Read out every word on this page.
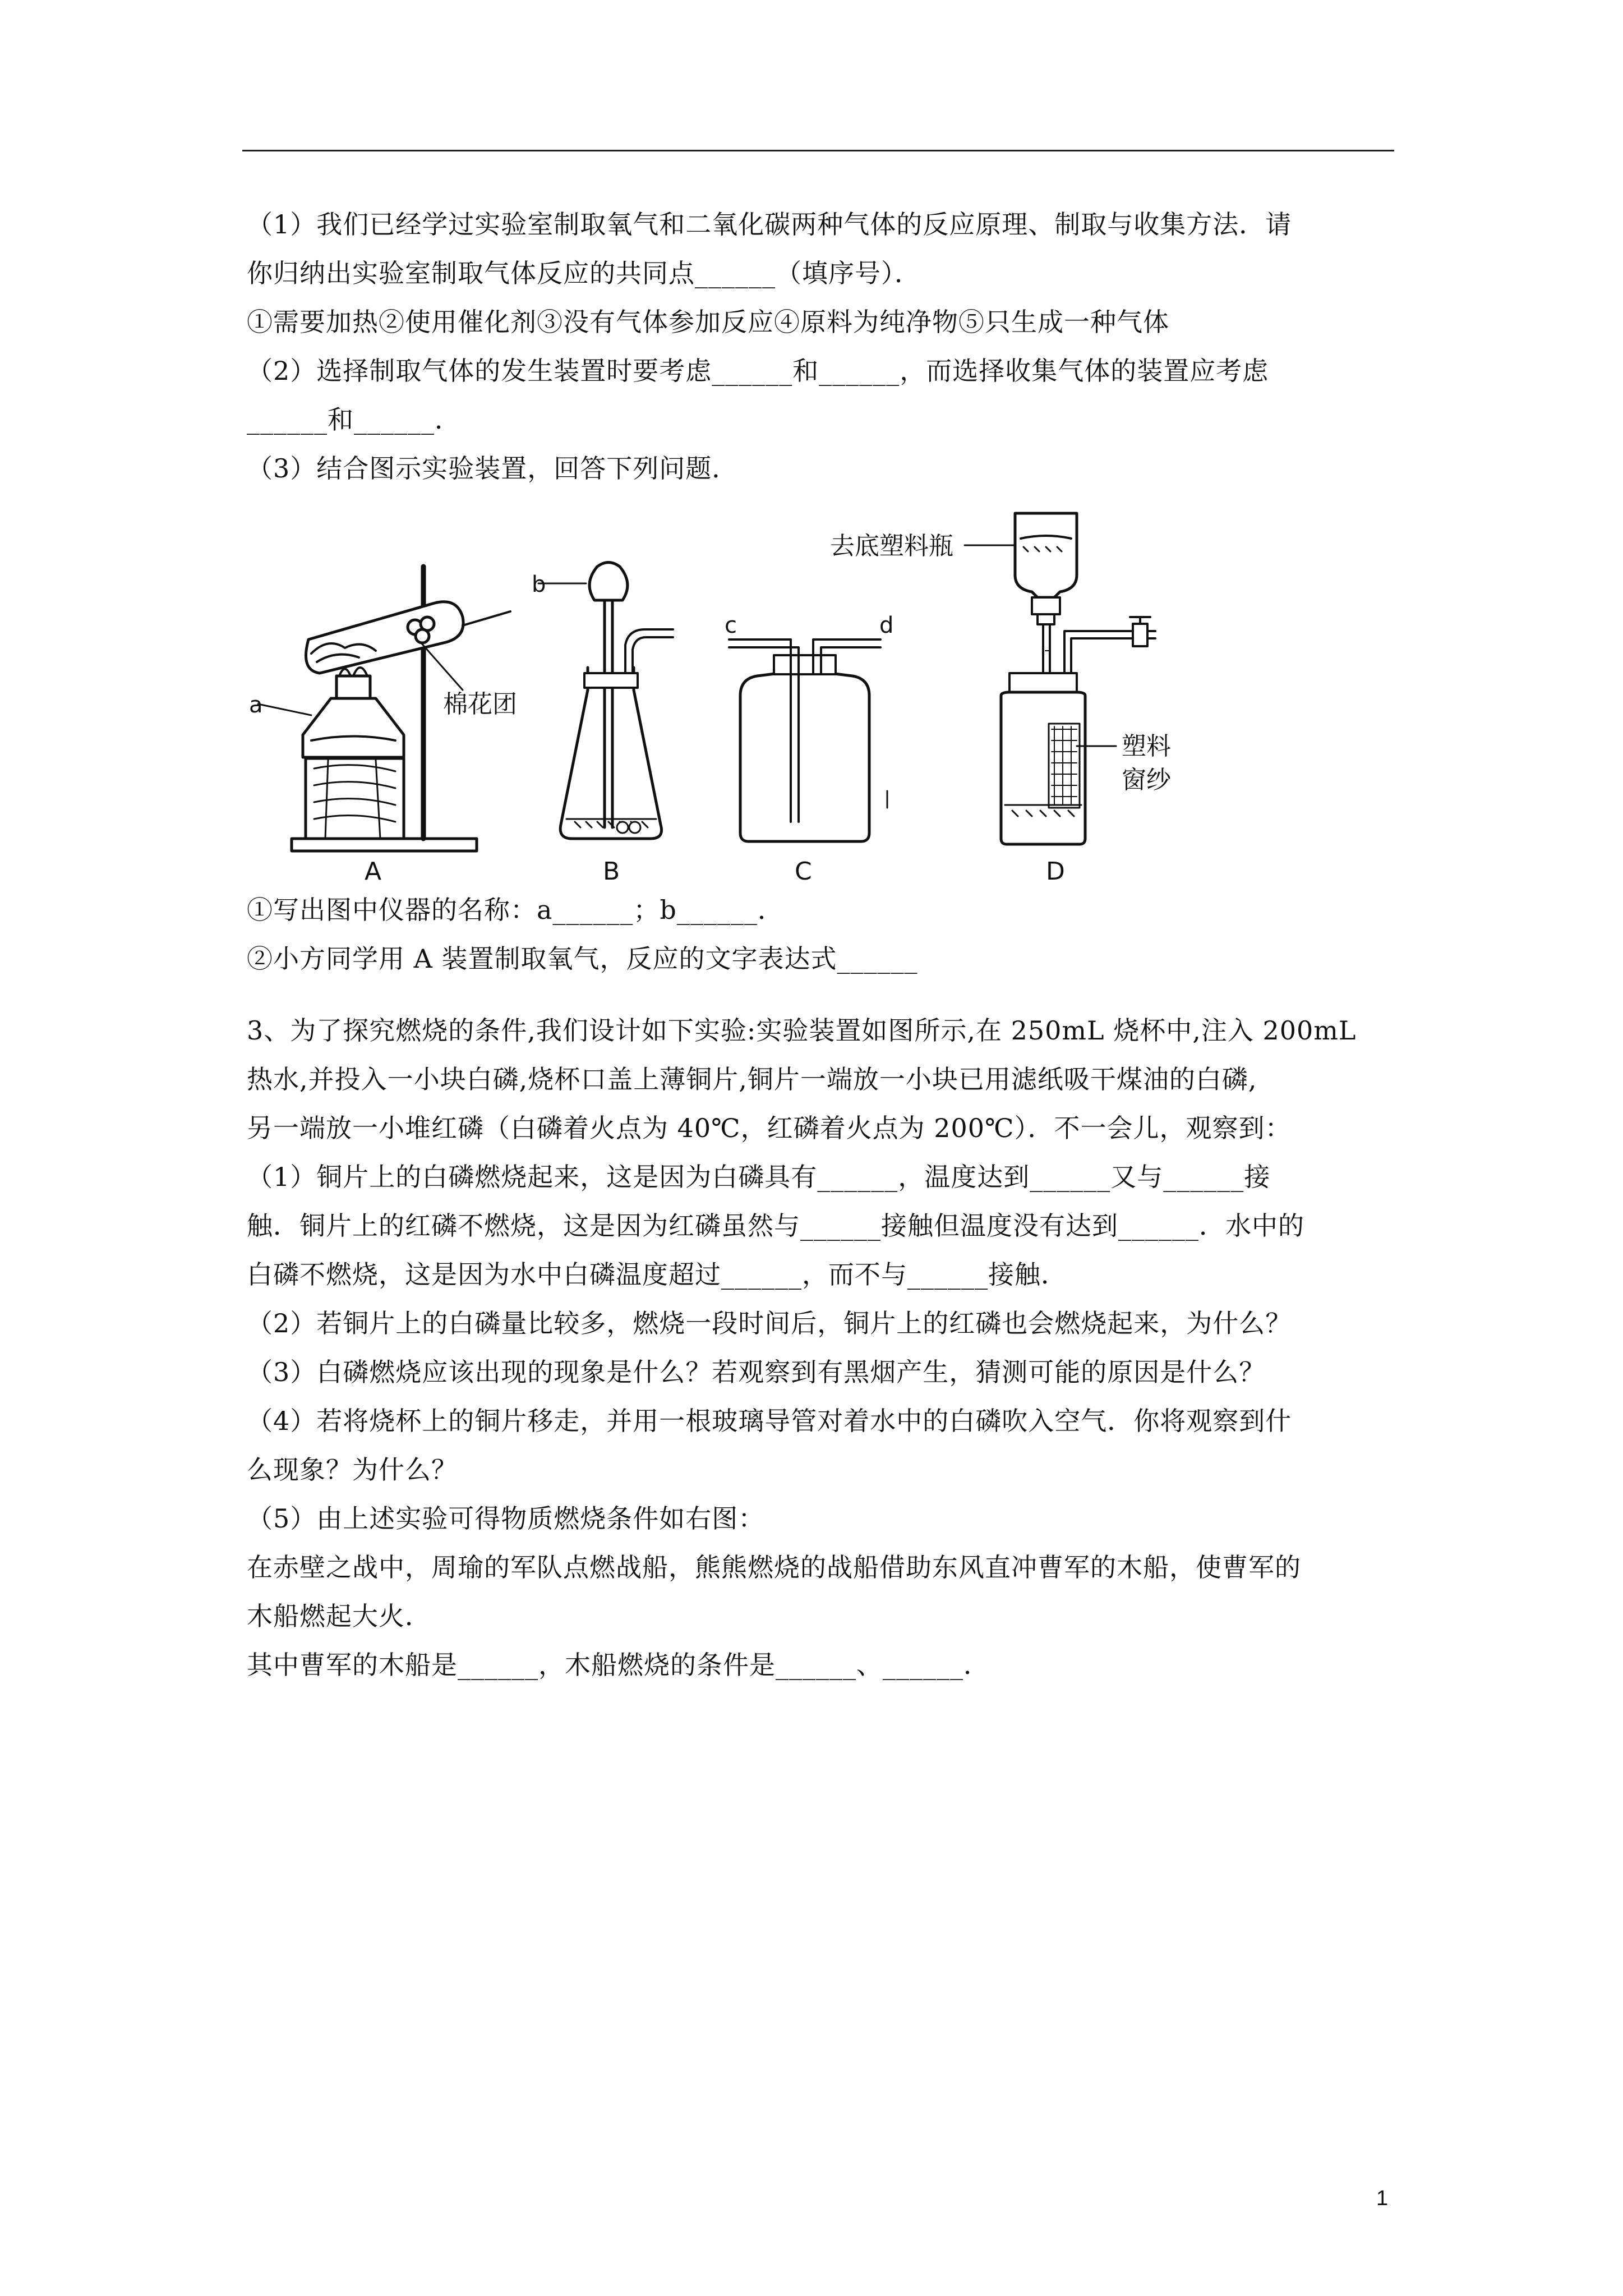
（1）我们已经学过实验室制取氧气和二氧化碳两种气体的反应原理、制取与收集方法．请
你归纳出实验室制取气体反应的共同点______（填序号）．
①需要加热②使用催化剂③没有气体参加反应④原料为纯净物⑤只生成一种气体
（2）选择制取气体的发生装置时要考虑______和______，而选择收集气体的装置应考虑
______和______．
（3）结合图示实验装置，回答下列问题．
a	棉花团
b
c	d
去底塑料瓶
塑料
窗纱
A	B	C	D
①写出图中仪器的名称：a______；b______．
②小方同学用 A 装置制取氧气，反应的文字表达式______
3、为了探究燃烧的条件,我们设计如下实验:实验装置如图所示,在 250mL 烧杯中,注入 200mL
热水,并投入一小块白磷,烧杯口盖上薄铜片,铜片一端放一小块已用滤纸吸干煤油的白磷,
另一端放一小堆红磷（白磷着火点为 40℃，红磷着火点为 200℃）．不一会儿，观察到：
（1）铜片上的白磷燃烧起来，这是因为白磷具有______，温度达到______又与______接
触．铜片上的红磷不燃烧，这是因为红磷虽然与______接触但温度没有达到______．水中的
白磷不燃烧，这是因为水中白磷温度超过______，而不与______接触．
（2）若铜片上的白磷量比较多，燃烧一段时间后，铜片上的红磷也会燃烧起来，为什么？
（3）白磷燃烧应该出现的现象是什么？若观察到有黑烟产生，猜测可能的原因是什么？
（4）若将烧杯上的铜片移走，并用一根玻璃导管对着水中的白磷吹入空气．你将观察到什
么现象？为什么？
（5）由上述实验可得物质燃烧条件如右图：
在赤壁之战中，周瑜的军队点燃战船，熊熊燃烧的战船借助东风直冲曹军的木船，使曹军的
木船燃起大火．
其中曹军的木船是______，木船燃烧的条件是______、______．
1
